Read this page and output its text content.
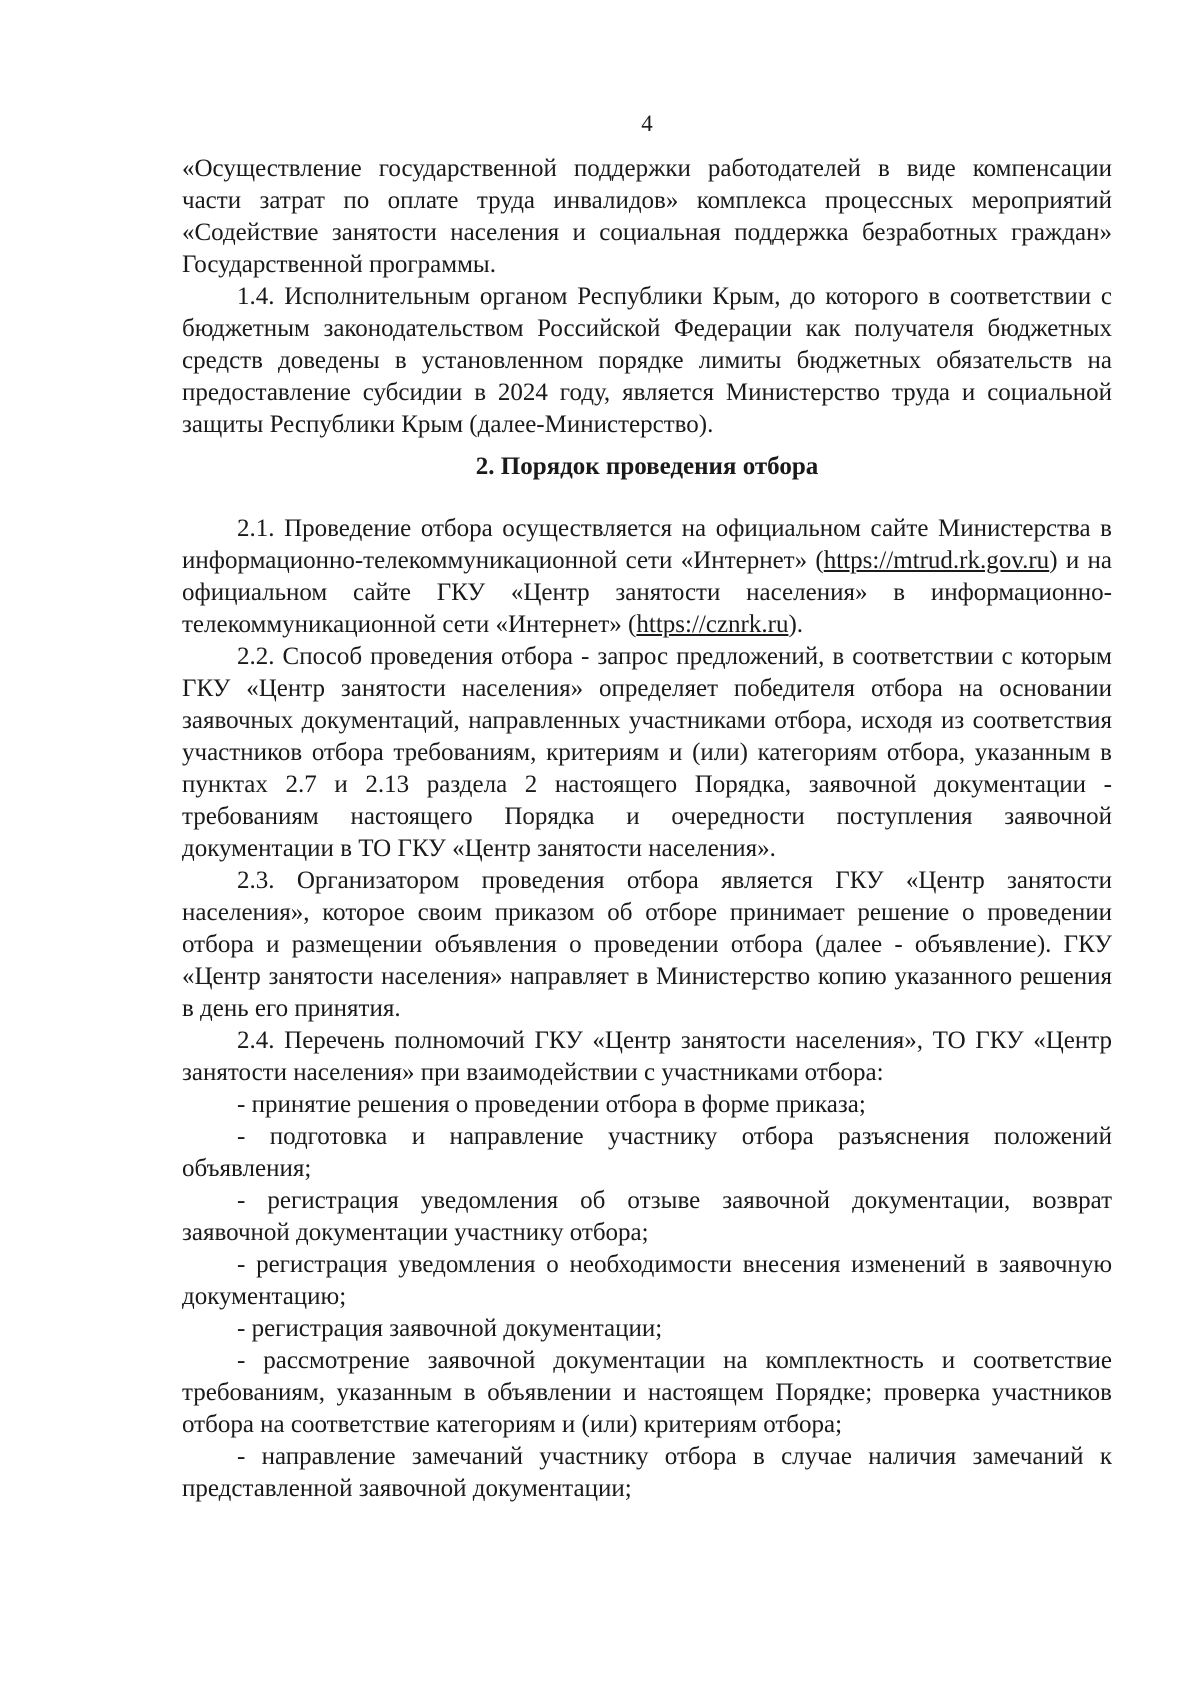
4

«Осуществление государственной поддержки работодателей в виде компенсации части затрат по оплате труда инвалидов» комплекса процессных мероприятий «Содействие занятости населения и социальная поддержка безработных граждан» Государственной программы.

1.4. Исполнительным органом Республики Крым, до которого в соответствии с бюджетным законодательством Российской Федерации как получателя бюджетных средств доведены в установленном порядке лимиты бюджетных обязательств на предоставление субсидии в 2024 году, является Министерство труда и социальной защиты Республики Крым (далее-Министерство).

2. Порядок проведения отбора

2.1. Проведение отбора осуществляется на официальном сайте Министерства в информационно-телекоммуникационной сети «Интернет» (https://mtrud.rk.gov.ru) и на официальном сайте ГКУ «Центр занятости населения» в информационно-телекоммуникационной сети «Интернет» (https://cznrk.ru).

2.2. Способ проведения отбора - запрос предложений, в соответствии с которым ГКУ «Центр занятости населения» определяет победителя отбора на основании заявочных документаций, направленных участниками отбора, исходя из соответствия участников отбора требованиям, критериям и (или) категориям отбора, указанным в пунктах 2.7 и 2.13 раздела 2 настоящего Порядка, заявочной документации - требованиям настоящего Порядка и очередности поступления заявочной документации в ТО ГКУ «Центр занятости населения».

2.3. Организатором проведения отбора является ГКУ «Центр занятости населения», которое своим приказом об отборе принимает решение о проведении отбора и размещении объявления о проведении отбора (далее - объявление). ГКУ «Центр занятости населения» направляет в Министерство копию указанного решения в день его принятия.

2.4. Перечень полномочий ГКУ «Центр занятости населения», ТО ГКУ «Центр занятости населения» при взаимодействии с участниками отбора:

- принятие решения о проведении отбора в форме приказа;

- подготовка и направление участнику отбора разъяснения положений объявления;

- регистрация уведомления об отзыве заявочной документации, возврат заявочной документации участнику отбора;

- регистрация уведомления о необходимости внесения изменений в заявочную документацию;

- регистрация заявочной документации;

- рассмотрение заявочной документации на комплектность и соответствие требованиям, указанным в объявлении и настоящем Порядке; проверка участников отбора на соответствие категориям и (или) критериям отбора;

- направление замечаний участнику отбора в случае наличия замечаний к представленной заявочной документации;
